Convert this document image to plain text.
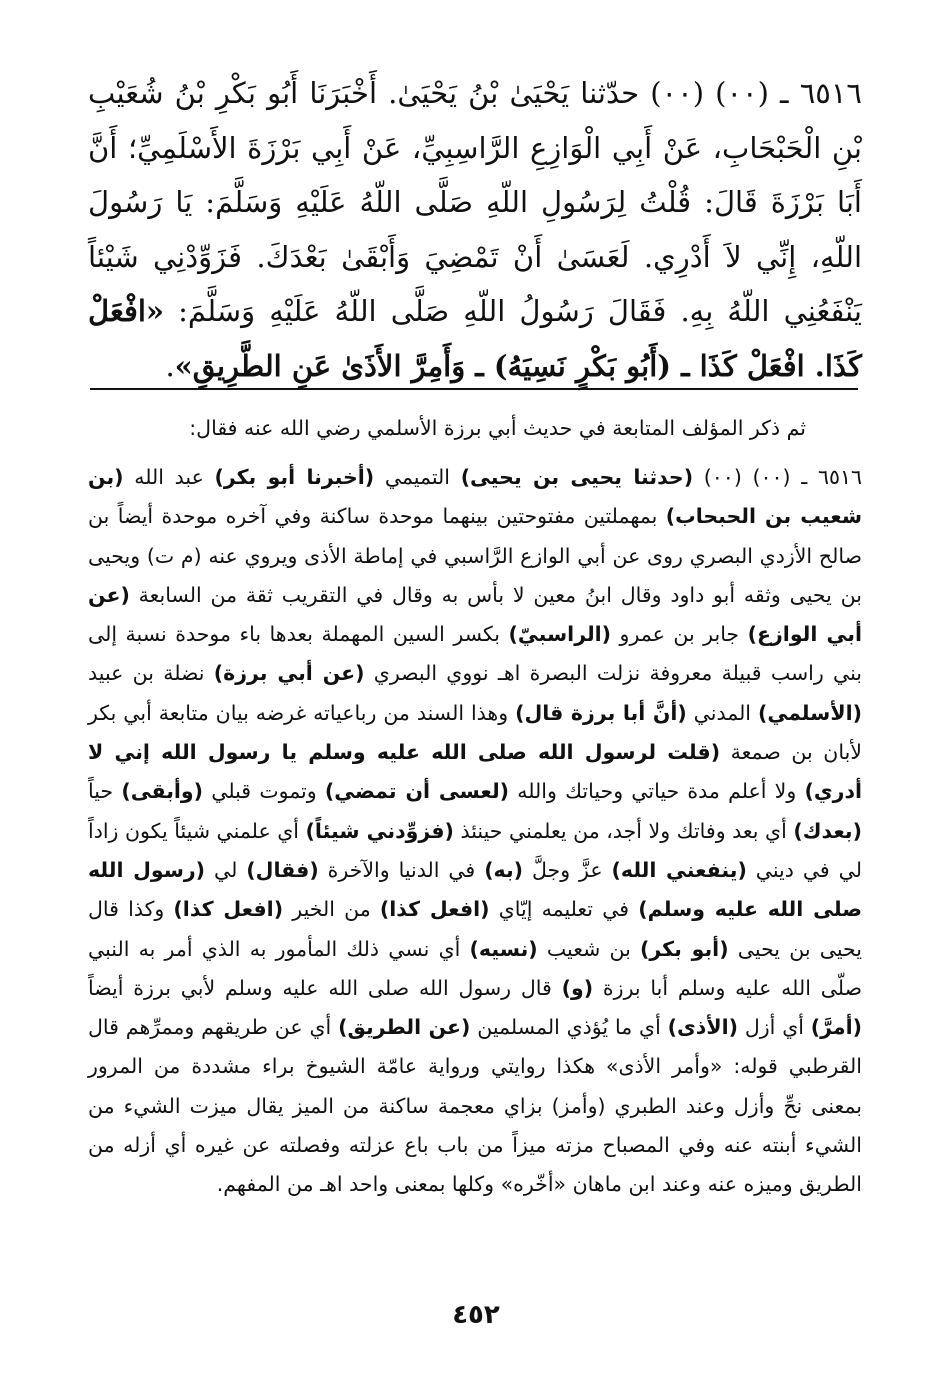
٦٥١٦ ـ (٠٠) (٠٠) حدّثنا يَحْيَىٰ بْنُ يَحْيَىٰ. أَخْبَرَنَا أَبُو بَكْرِ بْنُ شُعَيْبِ بْنِ الْحَبْحَابِ، عَنْ أَبِي الْوَازِعِ الرَّاسِبِيِّ، عَنْ أَبِي بَرْزَةَ الأَسْلَمِيِّ؛ أَنَّ أَبَا بَرْزَةَ قَالَ: قُلْتُ لِرَسُولِ اللّهِ صَلَّى اللّهُ عَلَيْهِ وَسَلَّمَ: يَا رَسُولَ اللّهِ، إِنِّي لاَ أَدْرِي. لَعَسَىٰ أَنْ تَمْضِيَ وَأَبْقَىٰ بَعْدَكَ. فَزَوِّدْنِي شَيْئاً يَنْفَعُنِي اللّهُ بِهِ. فَقَالَ رَسُولُ اللّهِ صَلَّى اللّهُ عَلَيْهِ وَسَلَّمَ: «افْعَلْ كَذَا. افْعَلْ كَذَا ـ (أَبُو بَكْرٍ نَسِيَهُ) ـ وَأَمِرَّ الأَذَىٰ عَنِ الطَّرِيقِ».
ثم ذكر المؤلف المتابعة في حديث أبي برزة الأسلمي رضي الله عنه فقال:
٦٥١٦ ـ (٠٠) (٠٠) (حدثنا يحيى بن يحيى) التميمي (أخبرنا أبو بكر) عبد الله (بن شعيب بن الحبحاب) بمهملتين مفتوحتين بينهما موحدة ساكنة وفي آخره موحدة أيضاً بن صالح الأزدي البصري روى عن أبي الوازع الرَّاسبي في إماطة الأذى ويروي عنه (م ت) ويحيى بن يحيى وثقه أبو داود وقال ابنُ معين لا بأس به وقال في التقريب ثقة من السابعة (عن أبي الوازع) جابر بن عمرو (الراسبيّ) بكسر السين المهملة بعدها باء موحدة نسبة إلى بني راسب قبيلة معروفة نزلت البصرة اهـ نووي البصري (عن أبي برزة) نضلة بن عبيد (الأسلمي) المدني (أنَّ أبا برزة قال) وهذا السند من رباعياته غرضه بيان متابعة أبي بكر لأبان بن صمعة (قلت لرسول الله صلى الله عليه وسلم يا رسول الله إني لا أدري) ولا أعلم مدة حياتي وحياتك والله (لعسى أن تمضي) وتموت قبلي (وأبقى) حياً (بعدك) أي بعد وفاتك ولا أجد، من يعلمني حينئذ (فزوِّدني شيئاً) أي علمني شيئاً يكون زاداً لي في ديني (ينفعني الله) عزَّ وجلَّ (به) في الدنيا والآخرة (فقال) لي (رسول الله صلى الله عليه وسلم) في تعليمه إيّاي (افعل كذا) من الخير (افعل كذا) وكذا قال يحيى بن يحيى (أبو بكر) بن شعيب (نسيه) أي نسي ذلك المأمور به الذي أمر به النبي صلّى الله عليه وسلم أبا برزة (و) قال رسول الله صلى الله عليه وسلم لأبي برزة أيضاً (أمرَّ) أي أزل (الأذى) أي ما يُؤذي المسلمين (عن الطريق) أي عن طريقهم وممرِّهم قال القرطبي قوله: «وأمر الأذى» هكذا روايتي ورواية عامّة الشيوخ براء مشددة من المرور بمعنى نحِّ وأزل وعند الطبري (وأمز) بزاي معجمة ساكنة من الميز يقال ميزت الشيء من الشيء أبنته عنه وفي المصباح مزته ميزاً من باب باع عزلته وفصلته عن غيره أي أزله من الطريق وميزه عنه وعند ابن ماهان «أخّره» وكلها بمعنى واحد اهـ من المفهم.
٤٥٢
